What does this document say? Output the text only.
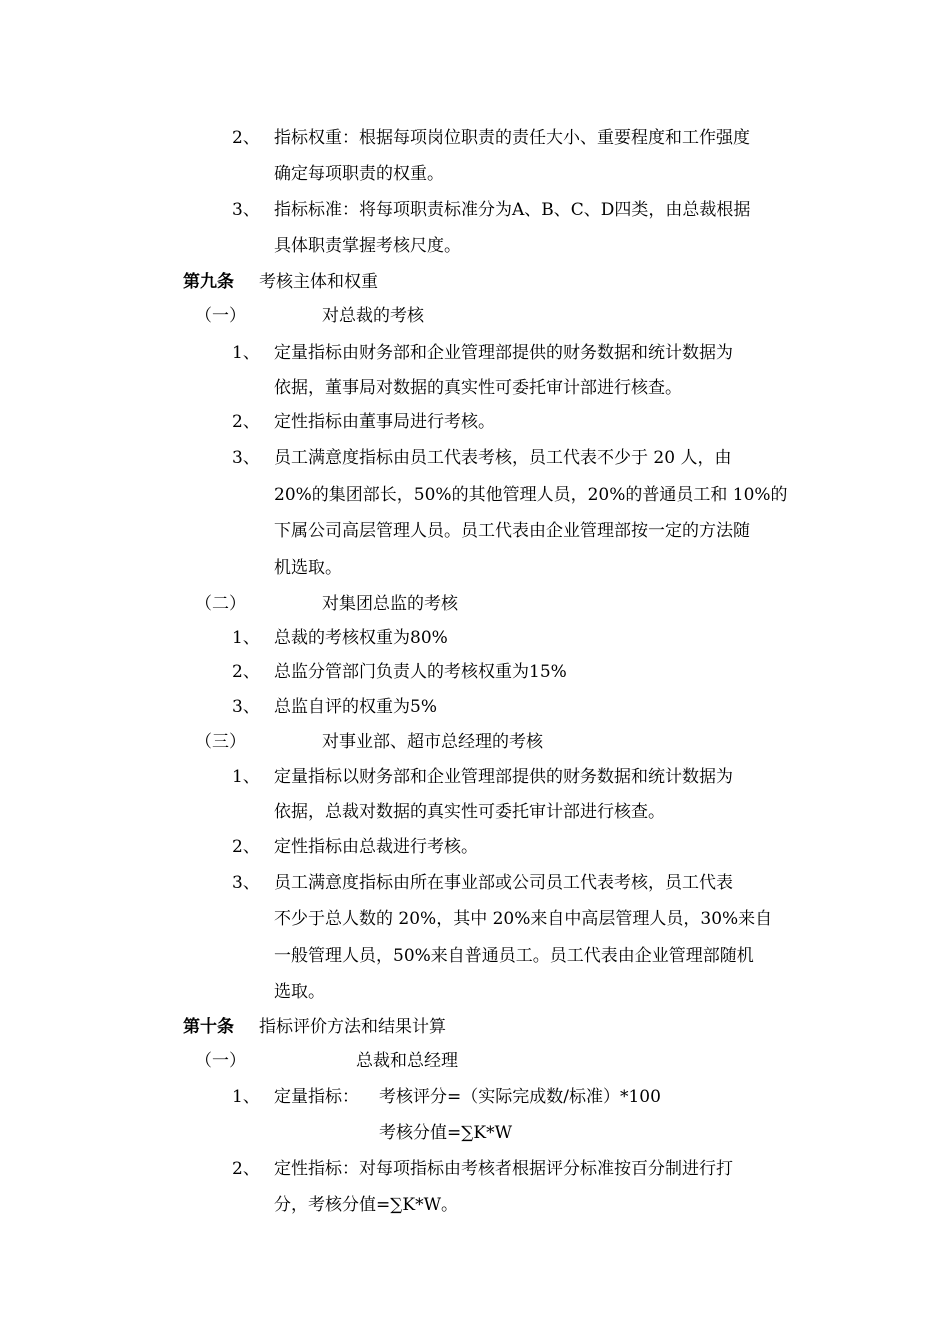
2、 指标权重：根据每项岗位职责的责任大小、重要程度和工作强度
确定每项职责的权重。
3、 指标标准：将每项职责标准分为A、B、C、D四类，由总裁根据
具体职责掌握考核尺度。
第九条 考核主体和权重
（一）	对总裁的考核
1、 定量指标由财务部和企业管理部提供的财务数据和统计数据为
依据，董事局对数据的真实性可委托审计部进行核查。
2、 定性指标由董事局进行考核。
3、 员工满意度指标由员工代表考核，员工代表不少于 20 人，由
20%的集团部长，50%的其他管理人员，20%的普通员工和 10%的
下属公司高层管理人员。员工代表由企业管理部按一定的方法随
机选取。
（二）	对集团总监的考核
1、 总裁的考核权重为80%
2、 总监分管部门负责人的考核权重为15%
3、 总监自评的权重为5%
（三）	对事业部、超市总经理的考核
1、 定量指标以财务部和企业管理部提供的财务数据和统计数据为
依据，总裁对数据的真实性可委托审计部进行核查。
2、 定性指标由总裁进行考核。
3、 员工满意度指标由所在事业部或公司员工代表考核，员工代表
不少于总人数的 20%，其中 20%来自中高层管理人员，30%来自
一般管理人员，50%来自普通员工。员工代表由企业管理部随机
选取。
第十条 指标评价方法和结果计算
（一）	总裁和总经理
1、 定量指标： 考核评分=（实际完成数/标准）*100
考核分值=∑K*W
2、 定性指标：对每项指标由考核者根据评分标准按百分制进行打
分，考核分值=∑K*W。
